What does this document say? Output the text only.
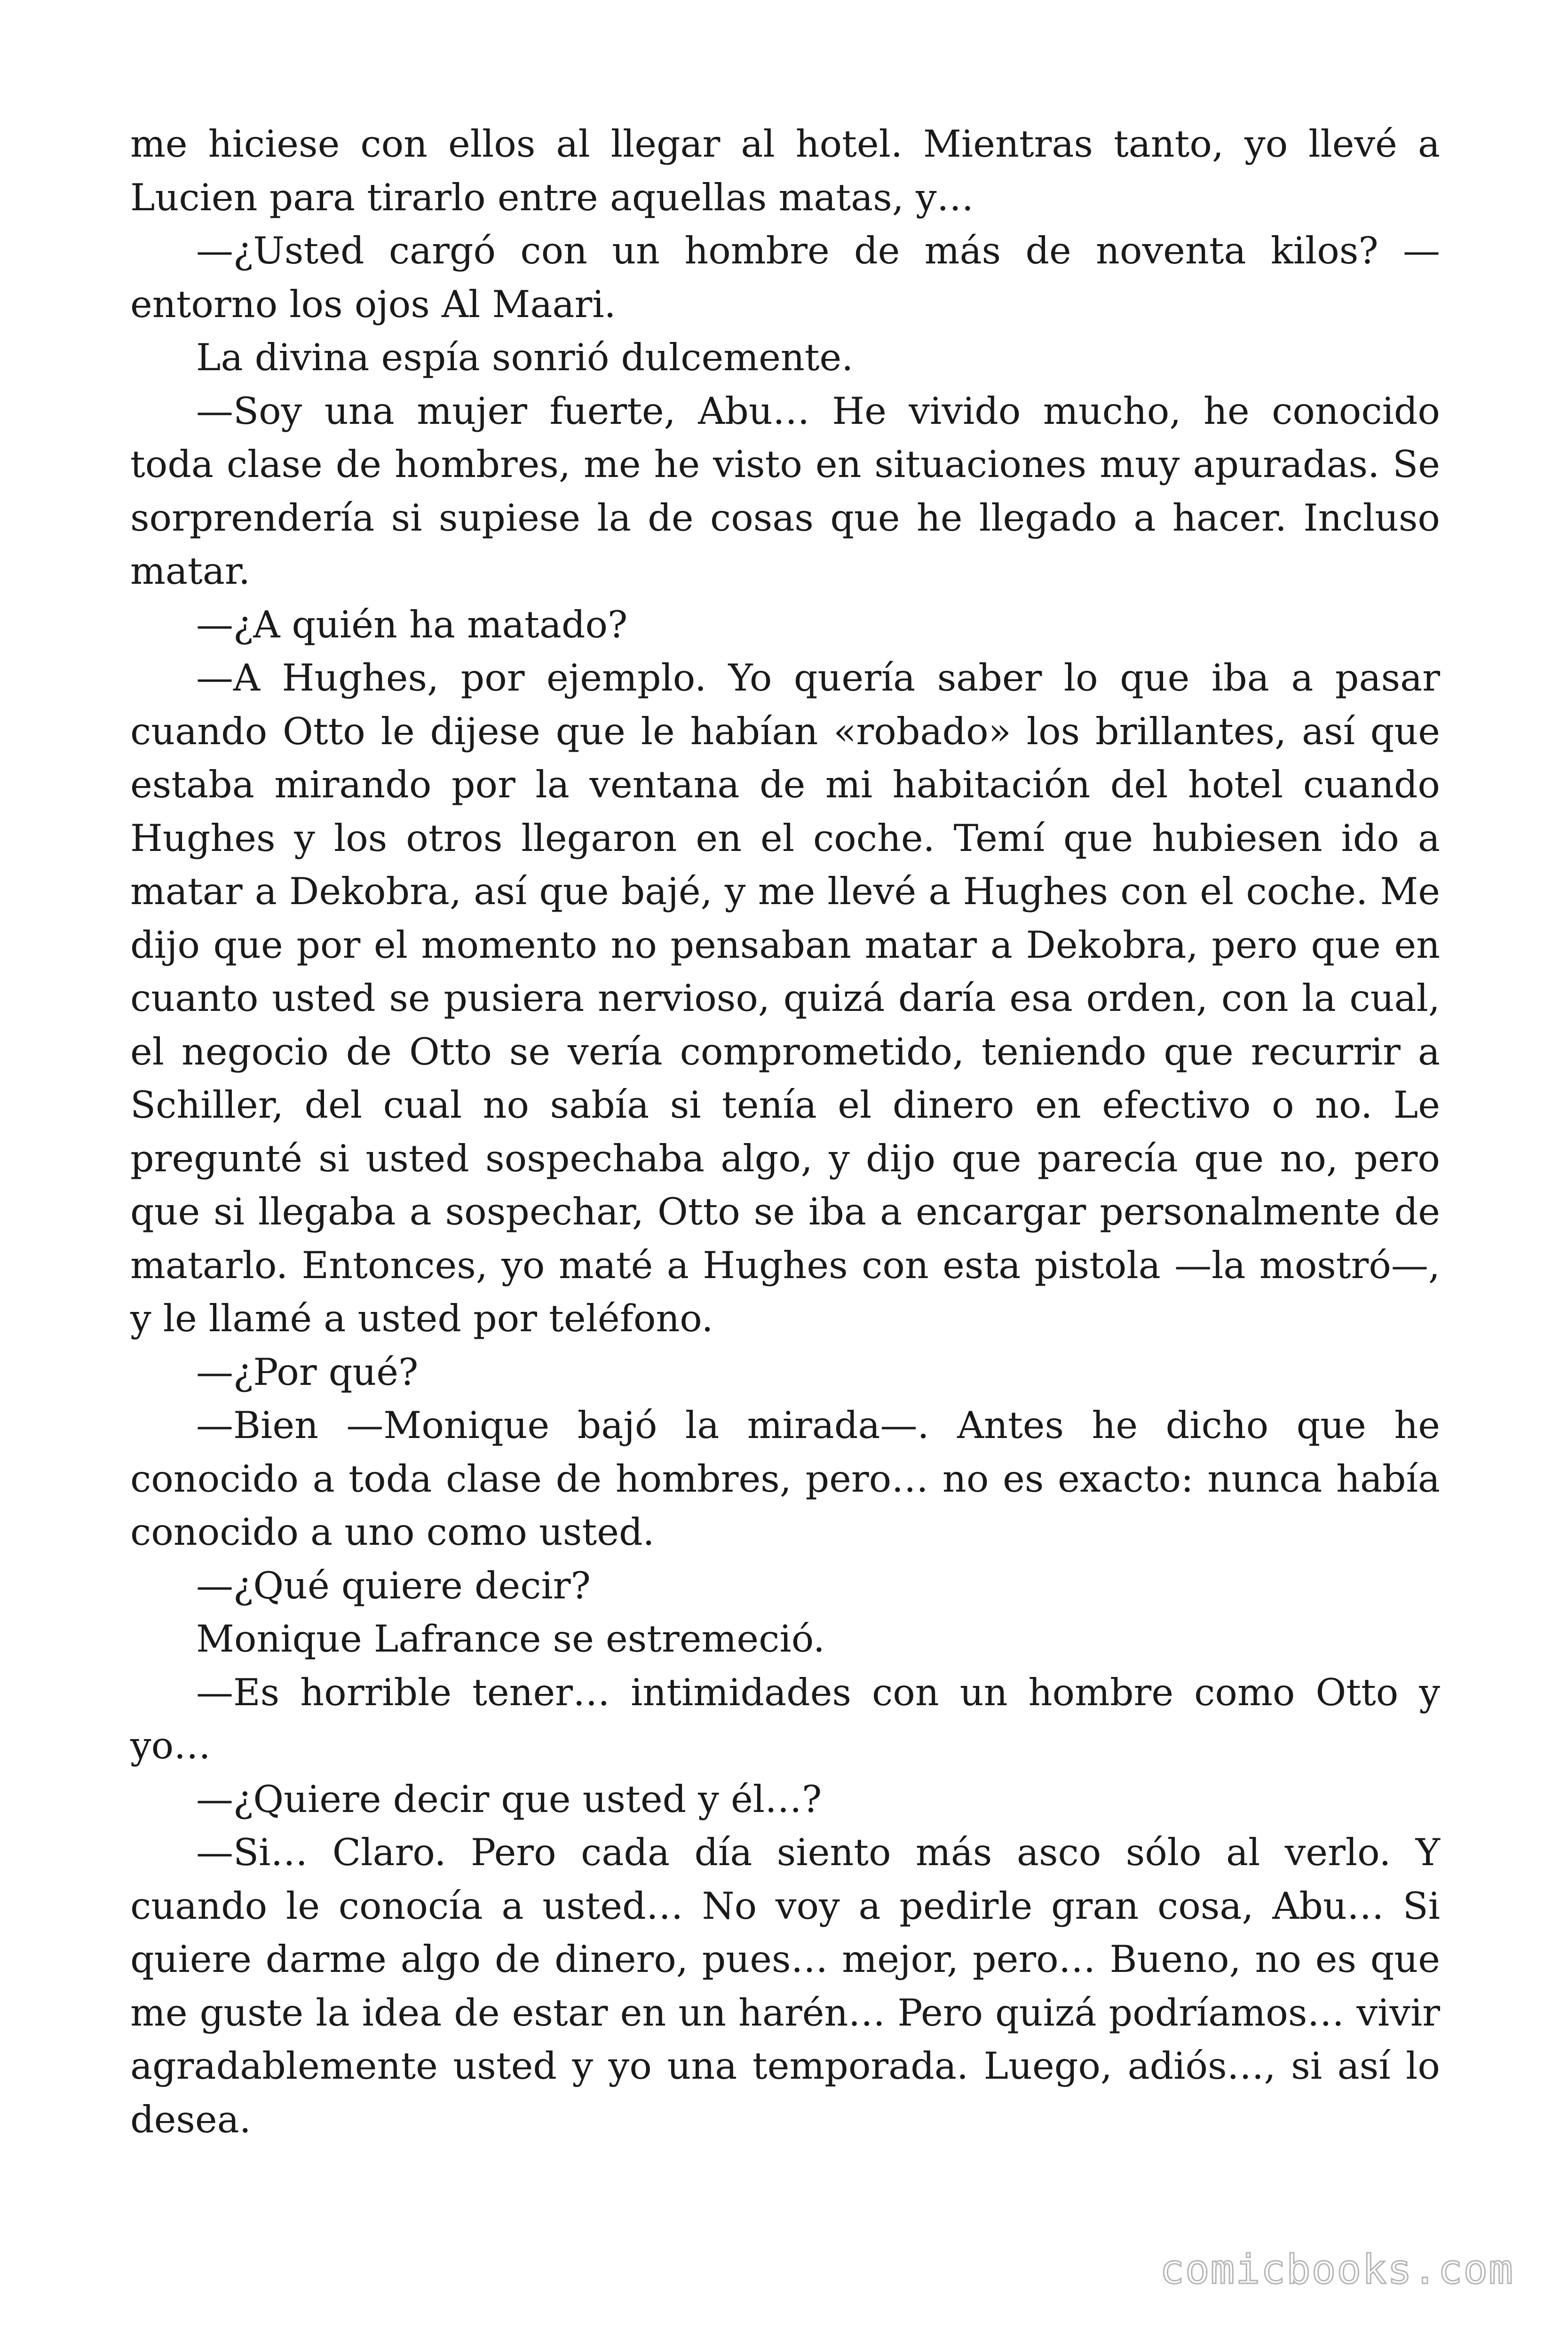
me hiciese con ellos al llegar al hotel. Mientras tanto, yo llevé a Lucien para tirarlo entre aquellas matas, y…

—¿Usted cargó con un hombre de más de noventa kilos? —entorno los ojos Al Maari.

La divina espía sonrió dulcemente.

—Soy una mujer fuerte, Abu… He vivido mucho, he conocido toda clase de hombres, me he visto en situaciones muy apuradas. Se sorprendería si supiese la de cosas que he llegado a hacer. Incluso matar.

—¿A quién ha matado?

—A Hughes, por ejemplo. Yo quería saber lo que iba a pasar cuando Otto le dijese que le habían «robado» los brillantes, así que estaba mirando por la ventana de mi habitación del hotel cuando Hughes y los otros llegaron en el coche. Temí que hubiesen ido a matar a Dekobra, así que bajé, y me llevé a Hughes con el coche. Me dijo que por el momento no pensaban matar a Dekobra, pero que en cuanto usted se pusiera nervioso, quizá daría esa orden, con la cual, el negocio de Otto se vería comprometido, teniendo que recurrir a Schiller, del cual no sabía si tenía el dinero en efectivo o no. Le pregunté si usted sospechaba algo, y dijo que parecía que no, pero que si llegaba a sospechar, Otto se iba a encargar personalmente de matarlo. Entonces, yo maté a Hughes con esta pistola —la mostró—, y le llamé a usted por teléfono.

—¿Por qué?

—Bien —Monique bajó la mirada—. Antes he dicho que he conocido a toda clase de hombres, pero… no es exacto: nunca había conocido a uno como usted.

—¿Qué quiere decir?

Monique Lafrance se estremeció.

—Es horrible tener… intimidades con un hombre como Otto y yo…

—¿Quiere decir que usted y él…?

—Si… Claro. Pero cada día siento más asco sólo al verlo. Y cuando le conocía a usted… No voy a pedirle gran cosa, Abu… Si quiere darme algo de dinero, pues… mejor, pero… Bueno, no es que me guste la idea de estar en un harén… Pero quizá podríamos… vivir agradablemente usted y yo una temporada. Luego, adiós…, si así lo desea.

comicbooks.com
